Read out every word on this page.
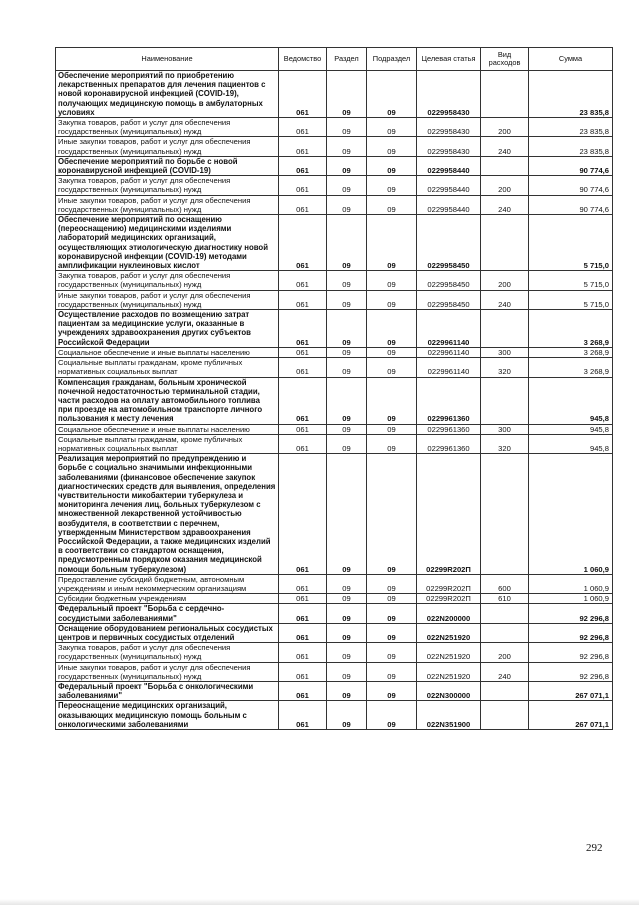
Наименование	Ведомство	Раздел	Подраздел	Целевая статья	Вид расходов	Сумма
Обеспечение мероприятий по приобретению лекарственных препаратов для лечения пациентов с новой коронавирусной инфекцией (COVID-19), получающих медицинскую помощь в амбулаторных условиях	061	09	09	0229958430		23 835,8
Закупка товаров, работ и услуг для обеспечения государственных (муниципальных) нужд	061	09	09	0229958430	200	23 835,8
Иные закупки товаров, работ и услуг для обеспечения государственных (муниципальных) нужд	061	09	09	0229958430	240	23 835,8
Обеспечение мероприятий по борьбе с новой коронавирусной инфекцией (COVID-19)	061	09	09	0229958440		90 774,6
Закупка товаров, работ и услуг для обеспечения государственных (муниципальных) нужд	061	09	09	0229958440	200	90 774,6
Иные закупки товаров, работ и услуг для обеспечения государственных (муниципальных) нужд	061	09	09	0229958440	240	90 774,6
Обеспечение мероприятий по оснащению (переоснащению) медицинскими изделиями лабораторий медицинских организаций, осуществляющих этиологическую диагностику новой коронавирусной инфекции (COVID-19) методами амплификации нуклеиновых кислот	061	09	09	0229958450		5 715,0
Закупка товаров, работ и услуг для обеспечения государственных (муниципальных) нужд	061	09	09	0229958450	200	5 715,0
Иные закупки товаров, работ и услуг для обеспечения государственных (муниципальных) нужд	061	09	09	0229958450	240	5 715,0
Осуществление расходов по возмещению затрат пациентам за медицинские услуги, оказанные в учреждениях здравоохранения других субъектов Российской Федерации	061	09	09	0229961140		3 268,9
Социальное обеспечение и иные выплаты населению	061	09	09	0229961140	300	3 268,9
Социальные выплаты гражданам, кроме публичных нормативных социальных выплат	061	09	09	0229961140	320	3 268,9
Компенсация гражданам, больным хронической почечной недостаточностью терминальной стадии, части расходов на оплату автомобильного топлива при проезде на автомобильном транспорте личного пользования к месту лечения	061	09	09	0229961360		945,8
Социальное обеспечение и иные выплаты населению	061	09	09	0229961360	300	945,8
Социальные выплаты гражданам, кроме публичных нормативных социальных выплат	061	09	09	0229961360	320	945,8
Реализация мероприятий по предупреждению и борьбе с социально значимыми инфекционными заболеваниями (финансовое обеспечение закупок диагностических средств для выявления, определения чувствительности микобактерии туберкулеза и мониторинга лечения лиц, больных туберкулезом с множественной лекарственной устойчивостью возбудителя, в соответствии с перечнем, утвержденным Министерством здравоохранения Российской Федерации, а также медицинских изделий в соответствии со стандартом оснащения, предусмотренным порядком оказания медицинской помощи больным туберкулезом)	061	09	09	02299R202П		1 060,9
Предоставление субсидий бюджетным, автономным учреждениям и иным некоммерческим организациям	061	09	09	02299R202П	600	1 060,9
Субсидии бюджетным учреждениям	061	09	09	02299R202П	610	1 060,9
Федеральный проект "Борьба с сердечно-сосудистыми заболеваниями"	061	09	09	022N200000		92 296,8
Оснащение оборудованием региональных сосудистых центров и первичных сосудистых отделений	061	09	09	022N251920		92 296,8
Закупка товаров, работ и услуг для обеспечения государственных (муниципальных) нужд	061	09	09	022N251920	200	92 296,8
Иные закупки товаров, работ и услуг для обеспечения государственных (муниципальных) нужд	061	09	09	022N251920	240	92 296,8
Федеральный проект "Борьба с онкологическими заболеваниями"	061	09	09	022N300000		267 071,1
Переоснащение медицинских организаций, оказывающих медицинскую помощь больным с онкологическими заболеваниями	061	09	09	022N351900		267 071,1
292
